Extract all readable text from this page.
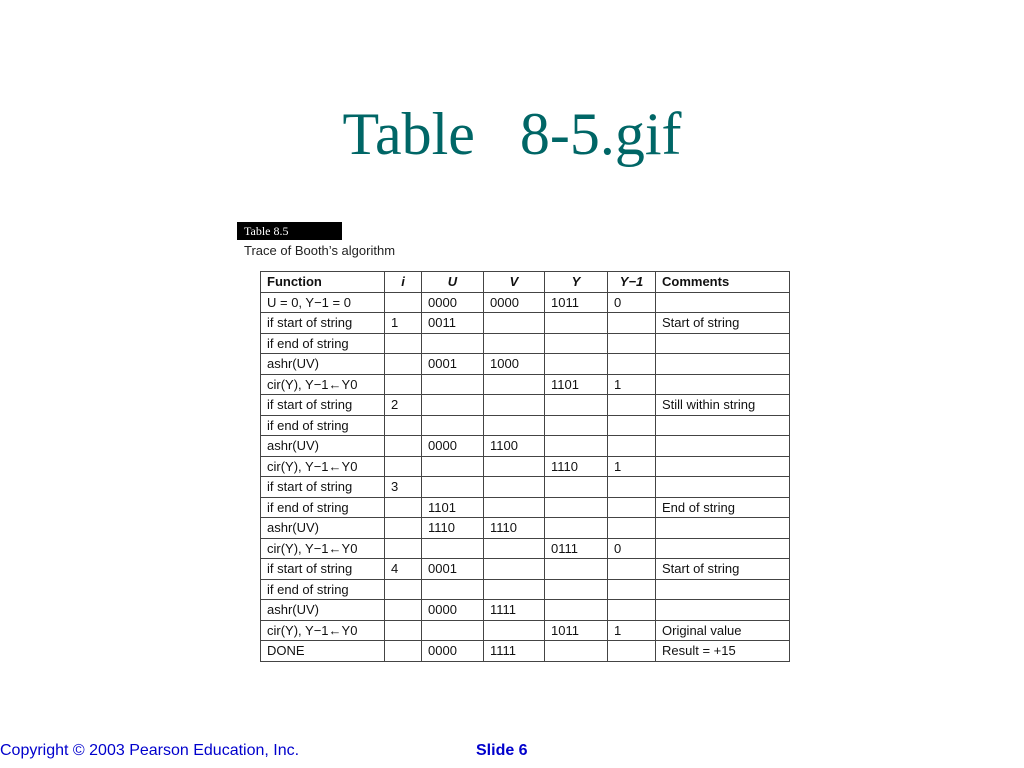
Table   8-5.gif
Table 8.5
Trace of Booth’s algorithm
Function	i	U	V	Y	Y−1	Comments
U = 0, Y−1 = 0		0000	0000	1011	0	
if start of string	1	0011				Start of string
if end of string						
ashr(UV)		0001	1000			
cir(Y), Y−1←Y0				1101	1	
if start of string	2					Still within string
if end of string						
ashr(UV)		0000	1100			
cir(Y), Y−1←Y0				1110	1	
if start of string	3					
if end of string		1101				End of string
ashr(UV)		1110	1110			
cir(Y), Y−1←Y0				0111	0	
if start of string	4	0001				Start of string
if end of string						
ashr(UV)		0000	1111			
cir(Y), Y−1←Y0				1011	1	Original value
DONE		0000	1111			Result = +15
Copyright © 2003 Pearson Education, Inc.	Slide 6
